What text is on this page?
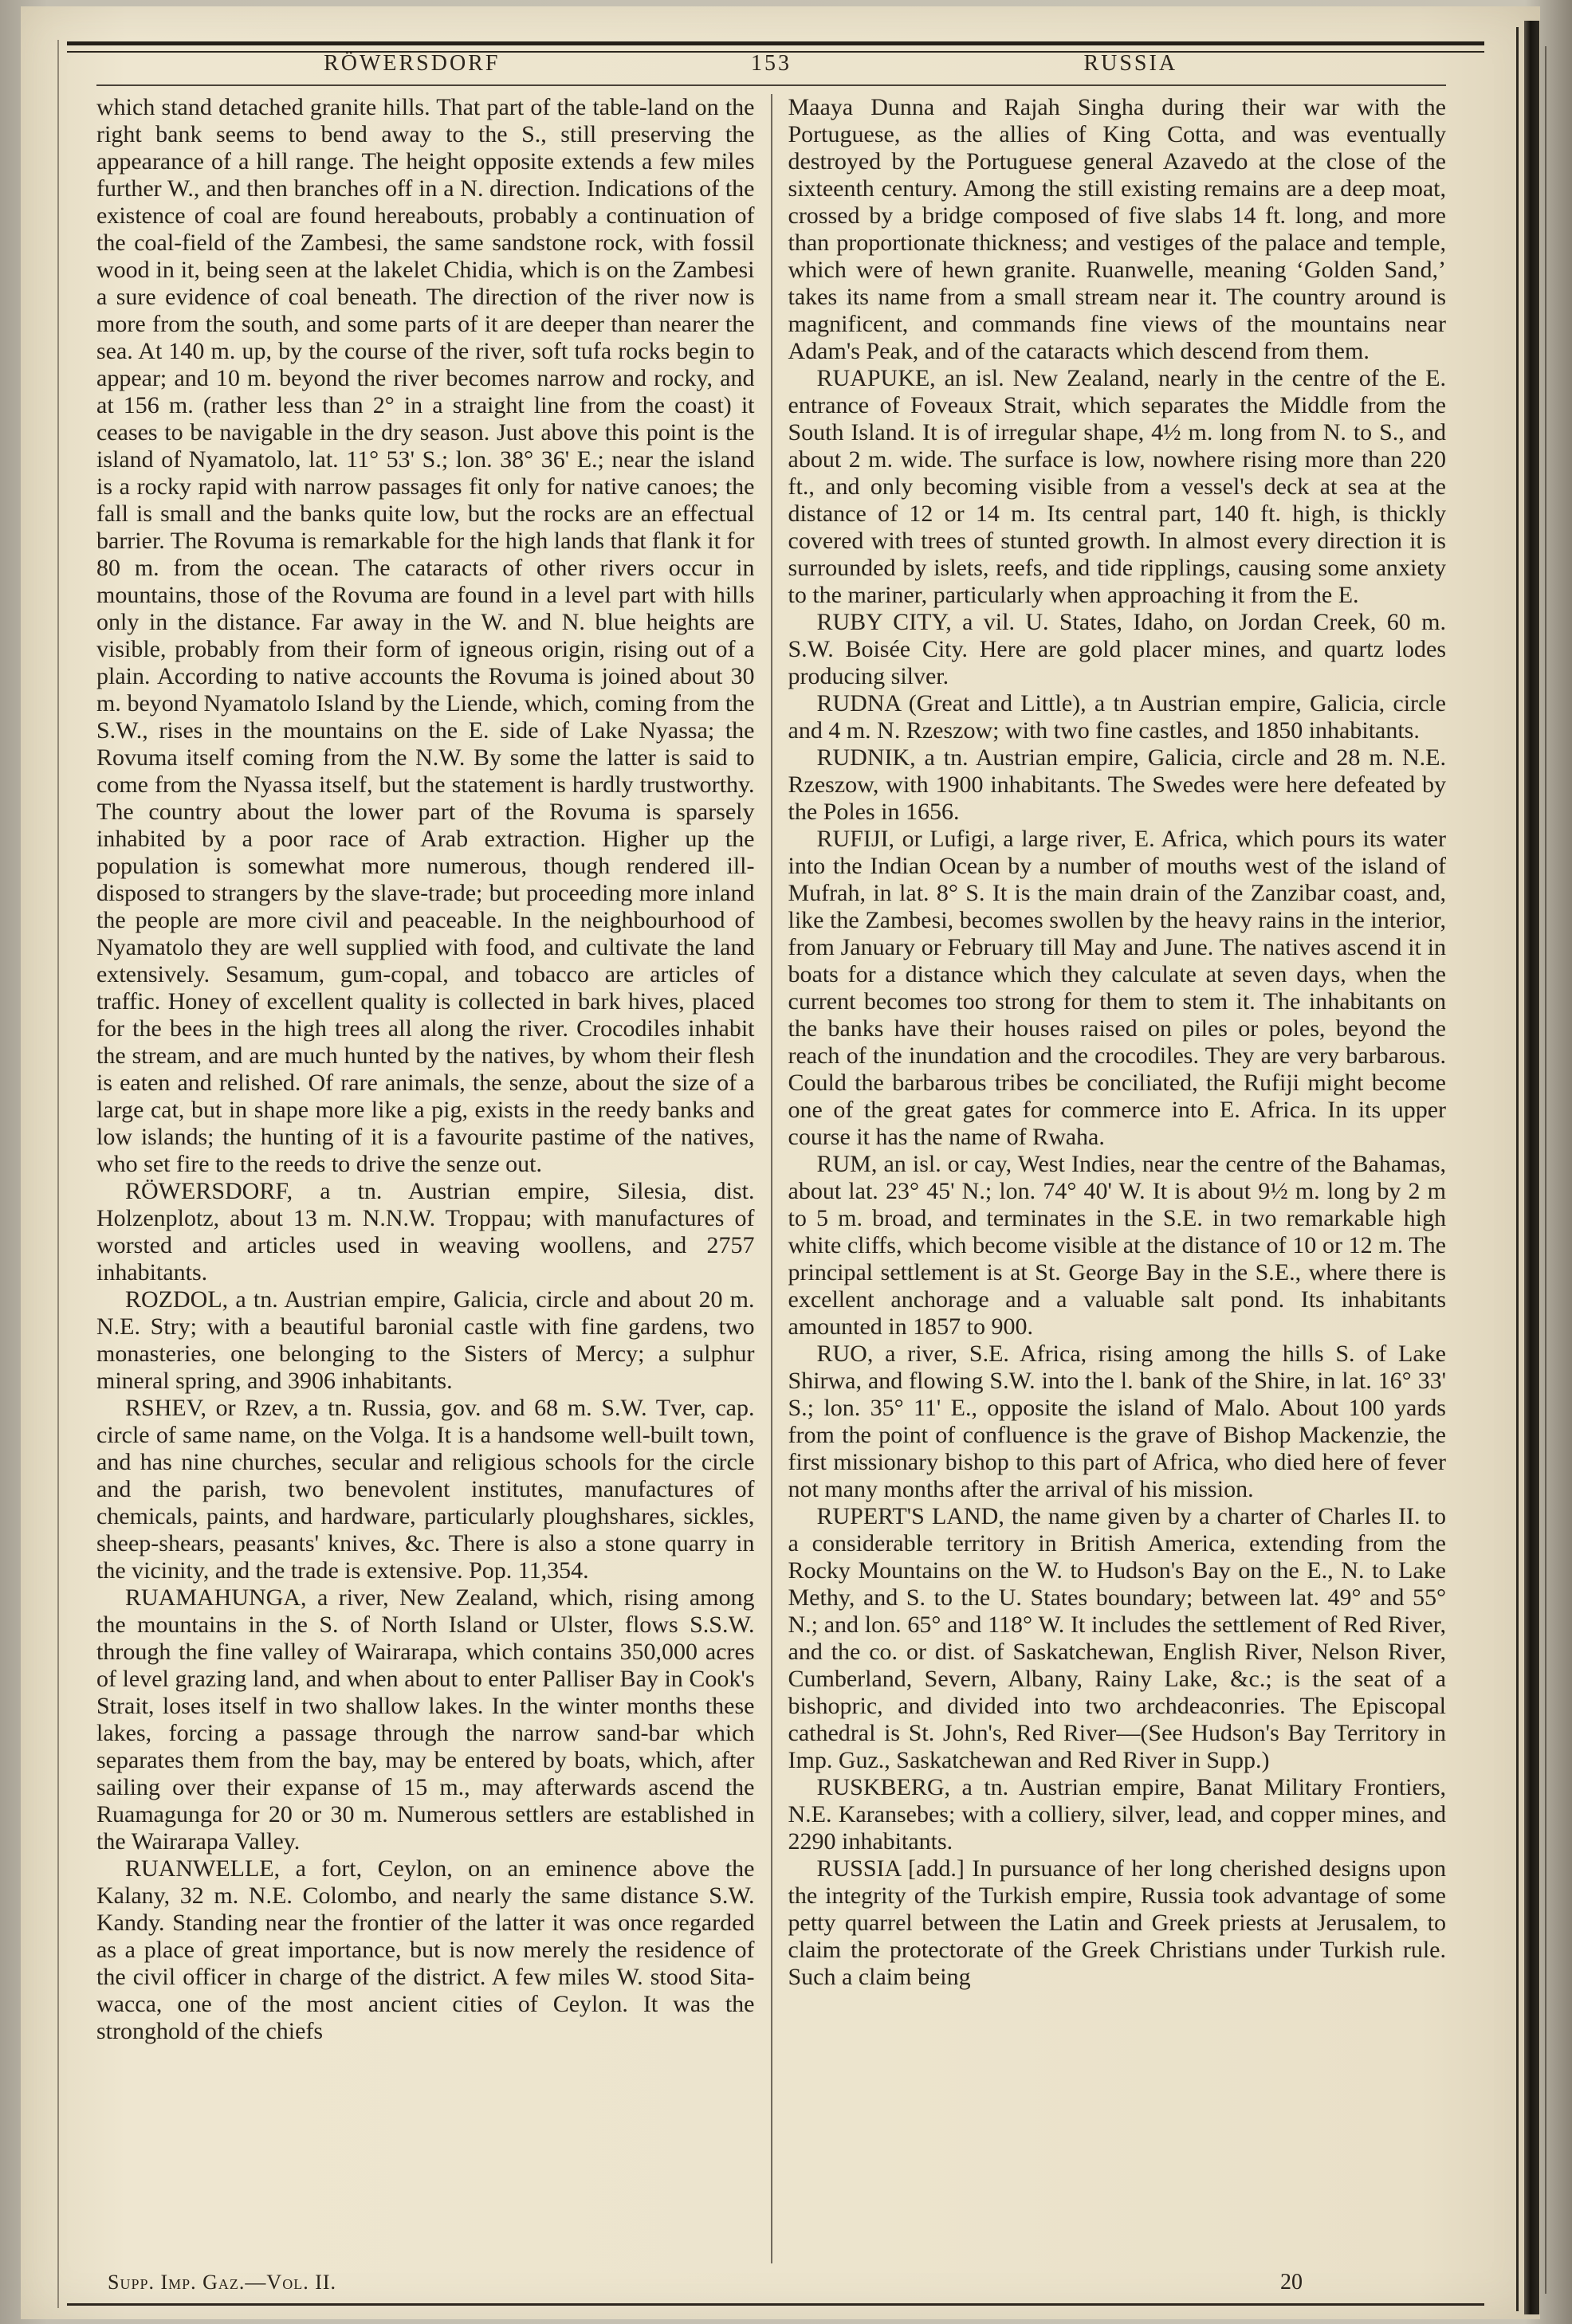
RÖWERSDORF	153	RUSSIA

which stand detached granite hills. That part of the table-land on the right bank seems to bend away to the S., still preserving the appearance of a hill range. The height opposite extends a few miles further W., and then branches off in a N. direction. Indications of the existence of coal are found hereabouts, probably a continuation of the coal-field of the Zambesi, the same sandstone rock, with fossil wood in it, being seen at the lakelet Chidia, which is on the Zambesi a sure evidence of coal beneath. The direction of the river now is more from the south, and some parts of it are deeper than nearer the sea. At 140 m. up, by the course of the river, soft tufa rocks begin to appear; and 10 m. beyond the river becomes narrow and rocky, and at 156 m. (rather less than 2° in a straight line from the coast) it ceases to be navigable in the dry season. Just above this point is the island of Nyamatolo, lat. 11° 53' S.; lon. 38° 36' E.; near the island is a rocky rapid with narrow passages fit only for native canoes; the fall is small and the banks quite low, but the rocks are an effectual barrier. The Rovuma is remarkable for the high lands that flank it for 80 m. from the ocean. The cataracts of other rivers occur in mountains, those of the Rovuma are found in a level part with hills only in the distance. Far away in the W. and N. blue heights are visible, probably from their form of igneous origin, rising out of a plain. According to native accounts the Rovuma is joined about 30 m. beyond Nyamatolo Island by the Liende, which, coming from the S.W., rises in the mountains on the E. side of Lake Nyassa; the Rovuma itself coming from the N.W. By some the latter is said to come from the Nyassa itself, but the statement is hardly trustworthy. The country about the lower part of the Rovuma is sparsely inhabited by a poor race of Arab extraction. Higher up the population is somewhat more numerous, though rendered ill-disposed to strangers by the slave-trade; but proceeding more inland the people are more civil and peaceable. In the neighbourhood of Nyamatolo they are well supplied with food, and cultivate the land extensively. Sesamum, gum-copal, and tobacco are articles of traffic. Honey of excellent quality is collected in bark hives, placed for the bees in the high trees all along the river. Crocodiles inhabit the stream, and are much hunted by the natives, by whom their flesh is eaten and relished. Of rare animals, the senze, about the size of a large cat, but in shape more like a pig, exists in the reedy banks and low islands; the hunting of it is a favourite pastime of the natives, who set fire to the reeds to drive the senze out.

RÖWERSDORF, a tn. Austrian empire, Silesia, dist. Holzenplotz, about 13 m. N.N.W. Troppau; with manufactures of worsted and articles used in weaving woollens, and 2757 inhabitants.

ROZDOL, a tn. Austrian empire, Galicia, circle and about 20 m. N.E. Stry; with a beautiful baronial castle with fine gardens, two monasteries, one belonging to the Sisters of Mercy; a sulphur mineral spring, and 3906 inhabitants.

RSHEV, or Rzev, a tn. Russia, gov. and 68 m. S.W. Tver, cap. circle of same name, on the Volga. It is a handsome well-built town, and has nine churches, secular and religious schools for the circle and the parish, two benevolent institutes, manufactures of chemicals, paints, and hardware, particularly ploughshares, sickles, sheep-shears, peasants' knives, &c. There is also a stone quarry in the vicinity, and the trade is extensive. Pop. 11,354.

RUAMAHUNGA, a river, New Zealand, which, rising among the mountains in the S. of North Island or Ulster, flows S.S.W. through the fine valley of Wairarapa, which contains 350,000 acres of level grazing land, and when about to enter Palliser Bay in Cook's Strait, loses itself in two shallow lakes. In the winter months these lakes, forcing a passage through the narrow sand-bar which separates them from the bay, may be entered by boats, which, after sailing over their expanse of 15 m., may afterwards ascend the Ruamagunga for 20 or 30 m. Numerous settlers are established in the Wairarapa Valley.

RUANWELLE, a fort, Ceylon, on an eminence above the Kalany, 32 m. N.E. Colombo, and nearly the same distance S.W. Kandy. Standing near the frontier of the latter it was once regarded as a place of great importance, but is now merely the residence of the civil officer in charge of the district. A few miles W. stood Sita-wacca, one of the most ancient cities of Ceylon. It was the stronghold of the chiefs

Maaya Dunna and Rajah Singha during their war with the Portuguese, as the allies of King Cotta, and was eventually destroyed by the Portuguese general Azavedo at the close of the sixteenth century. Among the still existing remains are a deep moat, crossed by a bridge composed of five slabs 14 ft. long, and more than proportionate thickness; and vestiges of the palace and temple, which were of hewn granite. Ruanwelle, meaning ‘Golden Sand,’ takes its name from a small stream near it. The country around is magnificent, and commands fine views of the mountains near Adam's Peak, and of the cataracts which descend from them.

RUAPUKE, an isl. New Zealand, nearly in the centre of the E. entrance of Foveaux Strait, which separates the Middle from the South Island. It is of irregular shape, 4½ m. long from N. to S., and about 2 m. wide. The surface is low, nowhere rising more than 220 ft., and only becoming visible from a vessel's deck at sea at the distance of 12 or 14 m. Its central part, 140 ft. high, is thickly covered with trees of stunted growth. In almost every direction it is surrounded by islets, reefs, and tide ripplings, causing some anxiety to the mariner, particularly when approaching it from the E.

RUBY CITY, a vil. U. States, Idaho, on Jordan Creek, 60 m. S.W. Boisée City. Here are gold placer mines, and quartz lodes producing silver.

RUDNA (Great and Little), a tn Austrian empire, Galicia, circle and 4 m. N. Rzeszow; with two fine castles, and 1850 inhabitants.

RUDNIK, a tn. Austrian empire, Galicia, circle and 28 m. N.E. Rzeszow, with 1900 inhabitants. The Swedes were here defeated by the Poles in 1656.

RUFIJI, or Lufigi, a large river, E. Africa, which pours its water into the Indian Ocean by a number of mouths west of the island of Mufrah, in lat. 8° S. It is the main drain of the Zanzibar coast, and, like the Zambesi, becomes swollen by the heavy rains in the interior, from January or February till May and June. The natives ascend it in boats for a distance which they calculate at seven days, when the current becomes too strong for them to stem it. The inhabitants on the banks have their houses raised on piles or poles, beyond the reach of the inundation and the crocodiles. They are very barbarous. Could the barbarous tribes be conciliated, the Rufiji might become one of the great gates for commerce into E. Africa. In its upper course it has the name of Rwaha.

RUM, an isl. or cay, West Indies, near the centre of the Bahamas, about lat. 23° 45' N.; lon. 74° 40' W. It is about 9½ m. long by 2 m to 5 m. broad, and terminates in the S.E. in two remarkable high white cliffs, which become visible at the distance of 10 or 12 m. The principal settlement is at St. George Bay in the S.E., where there is excellent anchorage and a valuable salt pond. Its inhabitants amounted in 1857 to 900.

RUO, a river, S.E. Africa, rising among the hills S. of Lake Shirwa, and flowing S.W. into the l. bank of the Shire, in lat. 16° 33' S.; lon. 35° 11' E., opposite the island of Malo. About 100 yards from the point of confluence is the grave of Bishop Mackenzie, the first missionary bishop to this part of Africa, who died here of fever not many months after the arrival of his mission.

RUPERT'S LAND, the name given by a charter of Charles II. to a considerable territory in British America, extending from the Rocky Mountains on the W. to Hudson's Bay on the E., N. to Lake Methy, and S. to the U. States boundary; between lat. 49° and 55° N.; and lon. 65° and 118° W. It includes the settlement of Red River, and the co. or dist. of Saskatchewan, English River, Nelson River, Cumberland, Severn, Albany, Rainy Lake, &c.; is the seat of a bishopric, and divided into two archdeaconries. The Episcopal cathedral is St. John's, Red River—(See Hudson's Bay Territory in Imp. Guz., Saskatchewan and Red River in Supp.)

RUSKBERG, a tn. Austrian empire, Banat Military Frontiers, N.E. Karansebes; with a colliery, silver, lead, and copper mines, and 2290 inhabitants.

RUSSIA [add.] In pursuance of her long cherished designs upon the integrity of the Turkish empire, Russia took advantage of some petty quarrel between the Latin and Greek priests at Jerusalem, to claim the protectorate of the Greek Christians under Turkish rule. Such a claim being

Supp. Imp. Gaz.—Vol. II.	20
